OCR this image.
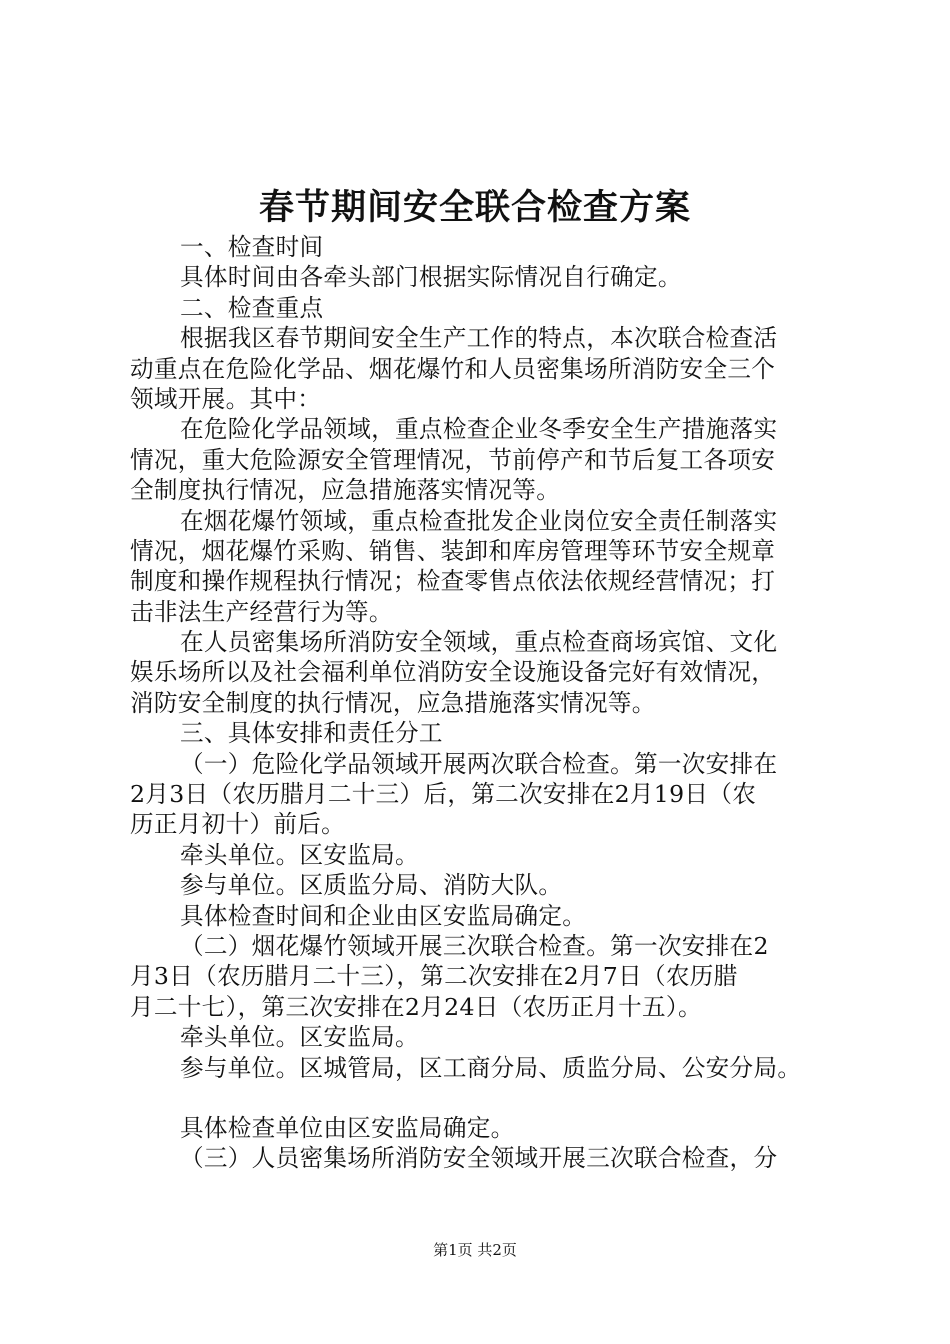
春节期间安全联合检查方案
一、检查时间
具体时间由各牵头部门根据实际情况自行确定。
二、检查重点
根据我区春节期间安全生产工作的特点，本次联合检查活
动重点在危险化学品、烟花爆竹和人员密集场所消防安全三个
领域开展。其中：
在危险化学品领域，重点检查企业冬季安全生产措施落实
情况，重大危险源安全管理情况，节前停产和节后复工各项安
全制度执行情况，应急措施落实情况等。
在烟花爆竹领域，重点检查批发企业岗位安全责任制落实
情况，烟花爆竹采购、销售、装卸和库房管理等环节安全规章
制度和操作规程执行情况；检查零售点依法依规经营情况；打
击非法生产经营行为等。
在人员密集场所消防安全领域，重点检查商场宾馆、文化
娱乐场所以及社会福利单位消防安全设施设备完好有效情况，
消防安全制度的执行情况，应急措施落实情况等。
三、具体安排和责任分工
（一）危险化学品领域开展两次联合检查。第一次安排在
2月3日（农历腊月二十三）后，第二次安排在2月19日（农
历正月初十）前后。
牵头单位。区安监局。
参与单位。区质监分局、消防大队。
具体检查时间和企业由区安监局确定。
（二）烟花爆竹领域开展三次联合检查。第一次安排在2
月3日（农历腊月二十三），第二次安排在2月7日（农历腊
月二十七），第三次安排在2月24日（农历正月十五）。
牵头单位。区安监局。
参与单位。区城管局，区工商分局、质监分局、公安分局。
具体检查单位由区安监局确定。
（三）人员密集场所消防安全领域开展三次联合检查，分
第1页 共2页
